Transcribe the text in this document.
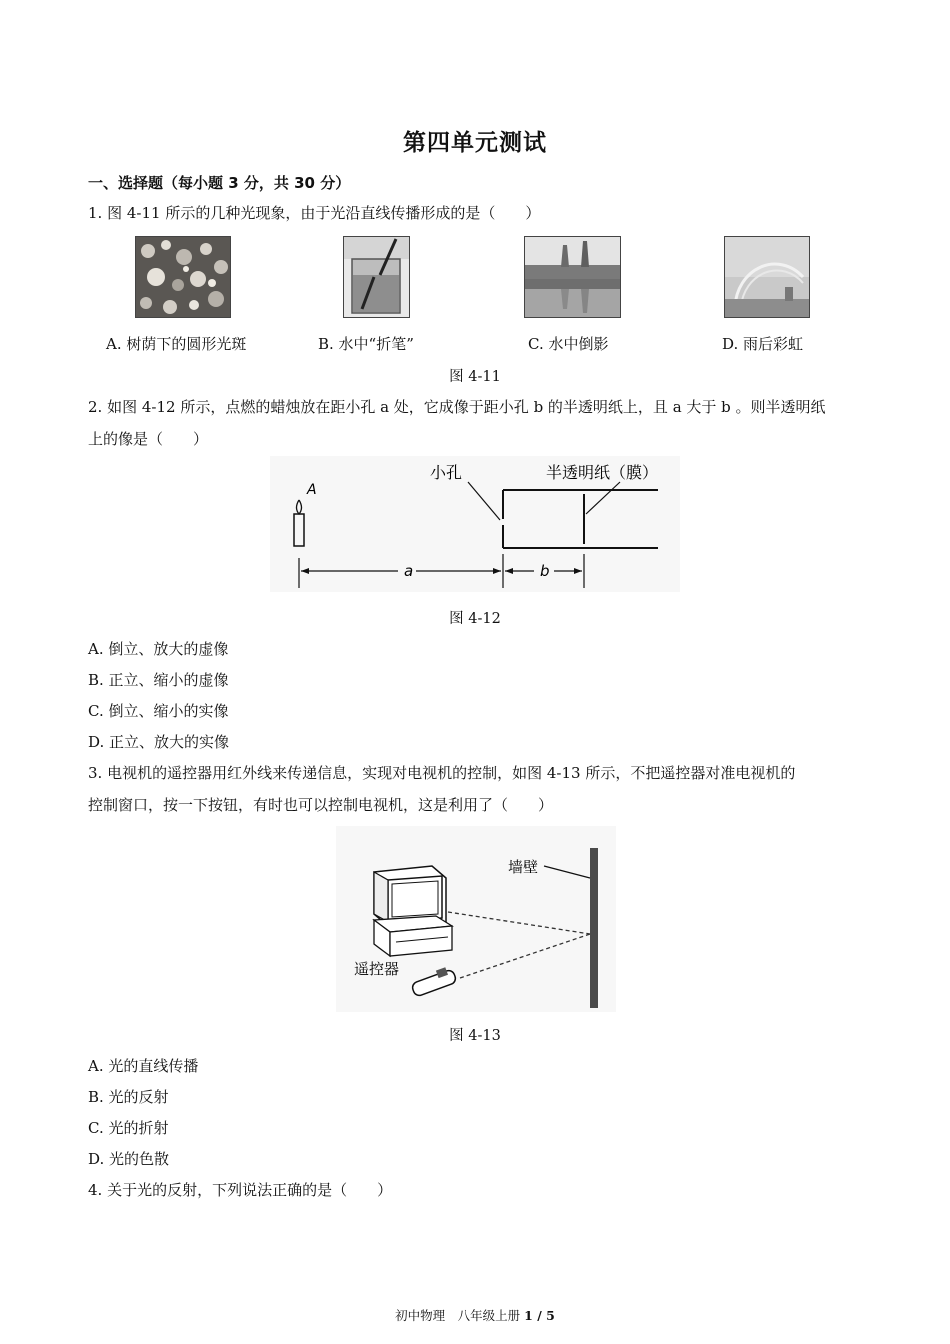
第四单元测试
一、选择题（每小题 3 分，共 30 分）
1. 图 4-11 所示的几种光现象，由于光沿直线传播形成的是（　　）
A. 树荫下的圆形光斑	B. 水中“折笔”	C. 水中倒影	D. 雨后彩虹
图 4-11
2. 如图 4-12 所示，点燃的蜡烛放在距小孔 a 处，它成像于距小孔 b 的半透明纸上，且 a 大于 b 。则半透明纸
上的像是（　　）
A
小孔	半透明纸（膜）
a	b
图 4-12
A. 倒立、放大的虚像
B. 正立、缩小的虚像
C. 倒立、缩小的实像
D. 正立、放大的实像
3. 电视机的遥控器用红外线来传递信息，实现对电视机的控制，如图 4-13 所示，不把遥控器对准电视机的
控制窗口，按一下按钮，有时也可以控制电视机，这是利用了（　　）
墙壁
遥控器
图 4-13
A. 光的直线传播
B. 光的反射
C. 光的折射
D. 光的色散
4. 关于光的反射，下列说法正确的是（　　）
初中物理　八年级上册 1 / 5
